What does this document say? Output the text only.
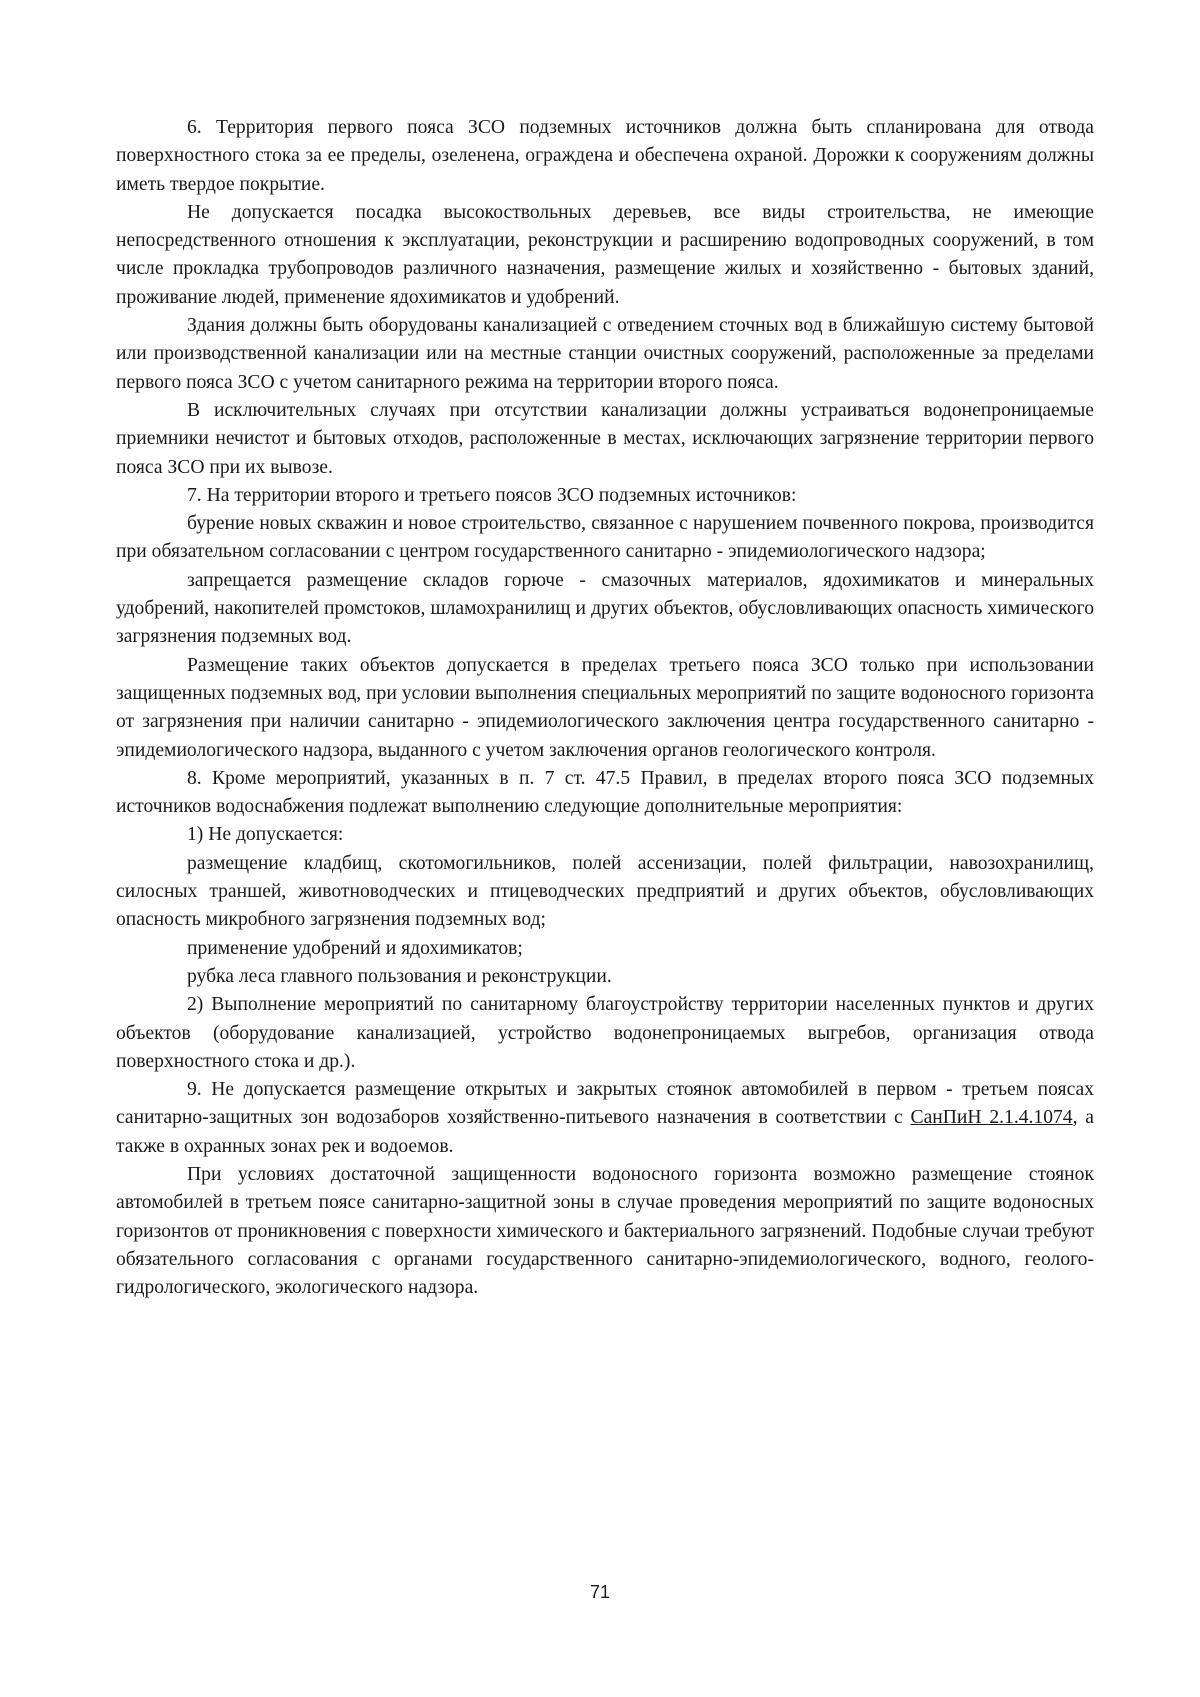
6. Территория первого пояса ЗСО подземных источников должна быть спланирована для отвода поверхностного стока за ее пределы, озеленена, ограждена и обеспечена охраной. Дорожки к сооружениям должны иметь твердое покрытие.

Не допускается посадка высокоствольных деревьев, все виды строительства, не имеющие непосредственного отношения к эксплуатации, реконструкции и расширению водопроводных сооружений, в том числе прокладка трубопроводов различного назначения, размещение жилых и хозяйственно - бытовых зданий, проживание людей, применение ядохимикатов и удобрений.

Здания должны быть оборудованы канализацией с отведением сточных вод в ближайшую систему бытовой или производственной канализации или на местные станции очистных сооружений, расположенные за пределами первого пояса ЗСО с учетом санитарного режима на территории второго пояса.

В исключительных случаях при отсутствии канализации должны устраиваться водонепроницаемые приемники нечистот и бытовых отходов, расположенные в местах, исключающих загрязнение территории первого пояса ЗСО при их вывозе.

7. На территории второго и третьего поясов ЗСО подземных источников:

бурение новых скважин и новое строительство, связанное с нарушением почвенного покрова, производится при обязательном согласовании с центром государственного санитарно - эпидемиологического надзора;

запрещается размещение складов горюче - смазочных материалов, ядохимикатов и минеральных удобрений, накопителей промстоков, шламохранилищ и других объектов, обусловливающих опасность химического загрязнения подземных вод.

Размещение таких объектов допускается в пределах третьего пояса ЗСО только при использовании защищенных подземных вод, при условии выполнения специальных мероприятий по защите водоносного горизонта от загрязнения при наличии санитарно - эпидемиологического заключения центра государственного санитарно - эпидемиологического надзора, выданного с учетом заключения органов геологического контроля.

8. Кроме мероприятий, указанных в п. 7 ст. 47.5 Правил, в пределах второго пояса ЗСО подземных источников водоснабжения подлежат выполнению следующие дополнительные мероприятия:

1) Не допускается:

размещение кладбищ, скотомогильников, полей ассенизации, полей фильтрации, навозохранилищ, силосных траншей, животноводческих и птицеводческих предприятий и других объектов, обусловливающих опасность микробного загрязнения подземных вод;

применение удобрений и ядохимикатов;

рубка леса главного пользования и реконструкции.

2) Выполнение мероприятий по санитарному благоустройству территории населенных пунктов и других объектов (оборудование канализацией, устройство водонепроницаемых выгребов, организация отвода поверхностного стока и др.).

9. Не допускается размещение открытых и закрытых стоянок автомобилей в первом - третьем поясах санитарно-защитных зон водозаборов хозяйственно-питьевого назначения в соответствии с СанПиН 2.1.4.1074, а также в охранных зонах рек и водоемов.

При условиях достаточной защищенности водоносного горизонта возможно размещение стоянок автомобилей в третьем поясе санитарно-защитной зоны в случае проведения мероприятий по защите водоносных горизонтов от проникновения с поверхности химического и бактериального загрязнений. Подобные случаи требуют обязательного согласования с органами государственного санитарно-эпидемиологического, водного, геолого-гидрологического, экологического надзора.

71
